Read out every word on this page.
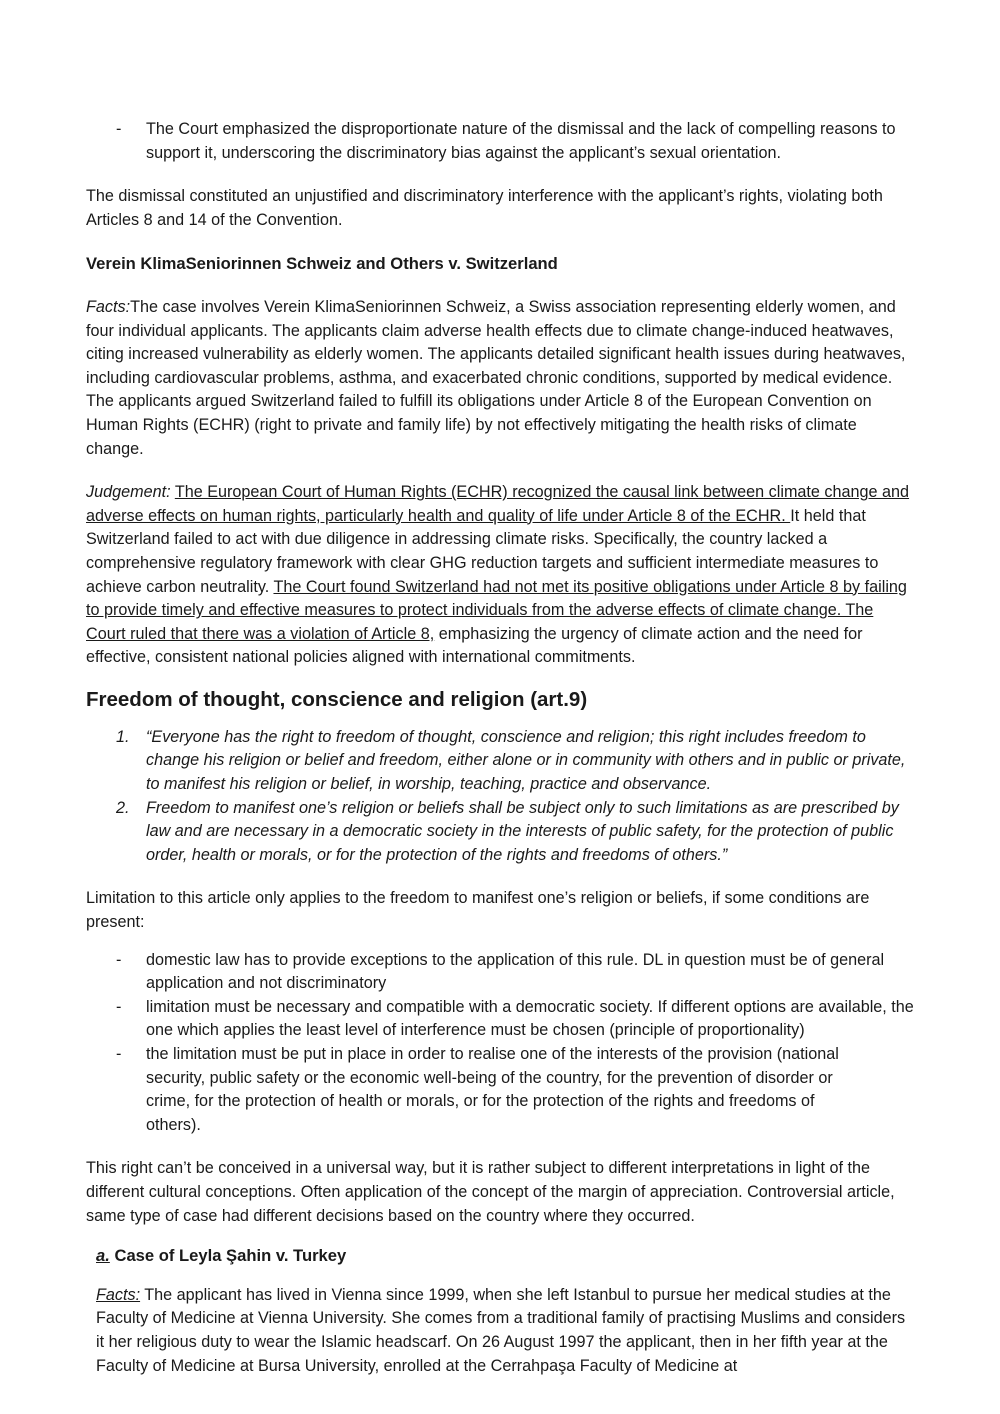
- The Court emphasized the disproportionate nature of the dismissal and the lack of compelling reasons to support it, underscoring the discriminatory bias against the applicant’s sexual orientation.

The dismissal constituted an unjustified and discriminatory interference with the applicant’s rights, violating both Articles 8 and 14 of the Convention.

Verein KlimaSeniorinnen Schweiz and Others v. Switzerland

Facts:The case involves Verein KlimaSeniorinnen Schweiz, a Swiss association representing elderly women, and four individual applicants. The applicants claim adverse health effects due to climate change-induced heatwaves, citing increased vulnerability as elderly women. The applicants detailed significant health issues during heatwaves, including cardiovascular problems, asthma, and exacerbated chronic conditions, supported by medical evidence. The applicants argued Switzerland failed to fulfill its obligations under Article 8 of the European Convention on Human Rights (ECHR) (right to private and family life) by not effectively mitigating the health risks of climate change.

Judgement: The European Court of Human Rights (ECHR) recognized the causal link between climate change and adverse effects on human rights, particularly health and quality of life under Article 8 of the ECHR. It held that Switzerland failed to act with due diligence in addressing climate risks. Specifically, the country lacked a comprehensive regulatory framework with clear GHG reduction targets and sufficient intermediate measures to achieve carbon neutrality. The Court found Switzerland had not met its positive obligations under Article 8 by failing to provide timely and effective measures to protect individuals from the adverse effects of climate change. The Court ruled that there was a violation of Article 8, emphasizing the urgency of climate action and the need for effective, consistent national policies aligned with international commitments.

Freedom of thought, conscience and religion (art.9)

1. “Everyone has the right to freedom of thought, conscience and religion; this right includes freedom to change his religion or belief and freedom, either alone or in community with others and in public or private, to manifest his religion or belief, in worship, teaching, practice and observance.
2. Freedom to manifest one’s religion or beliefs shall be subject only to such limitations as are prescribed by law and are necessary in a democratic society in the interests of public safety, for the protection of public order, health or morals, or for the protection of the rights and freedoms of others.”

Limitation to this article only applies to the freedom to manifest one’s religion or beliefs, if some conditions are present:

- domestic law has to provide exceptions to the application of this rule. DL in question must be of general application and not discriminatory
- limitation must be necessary and compatible with a democratic society. If different options are available, the one which applies the least level of interference must be chosen (principle of proportionality)
- the limitation must be put in place in order to realise one of the interests of the provision (national security, public safety or the economic well-being of the country, for the prevention of disorder or crime, for the protection of health or morals, or for the protection of the rights and freedoms of others).

This right can’t be conceived in a universal way, but it is rather subject to different interpretations in light of the different cultural conceptions. Often application of the concept of the margin of appreciation. Controversial article, same type of case had different decisions based on the country where they occurred.

a. Case of Leyla Şahin v. Turkey

Facts: The applicant has lived in Vienna since 1999, when she left Istanbul to pursue her medical studies at the Faculty of Medicine at Vienna University. She comes from a traditional family of practising Muslims and considers it her religious duty to wear the Islamic headscarf. On 26 August 1997 the applicant, then in her fifth year at the Faculty of Medicine at Bursa University, enrolled at the Cerrahpaşa Faculty of Medicine at
